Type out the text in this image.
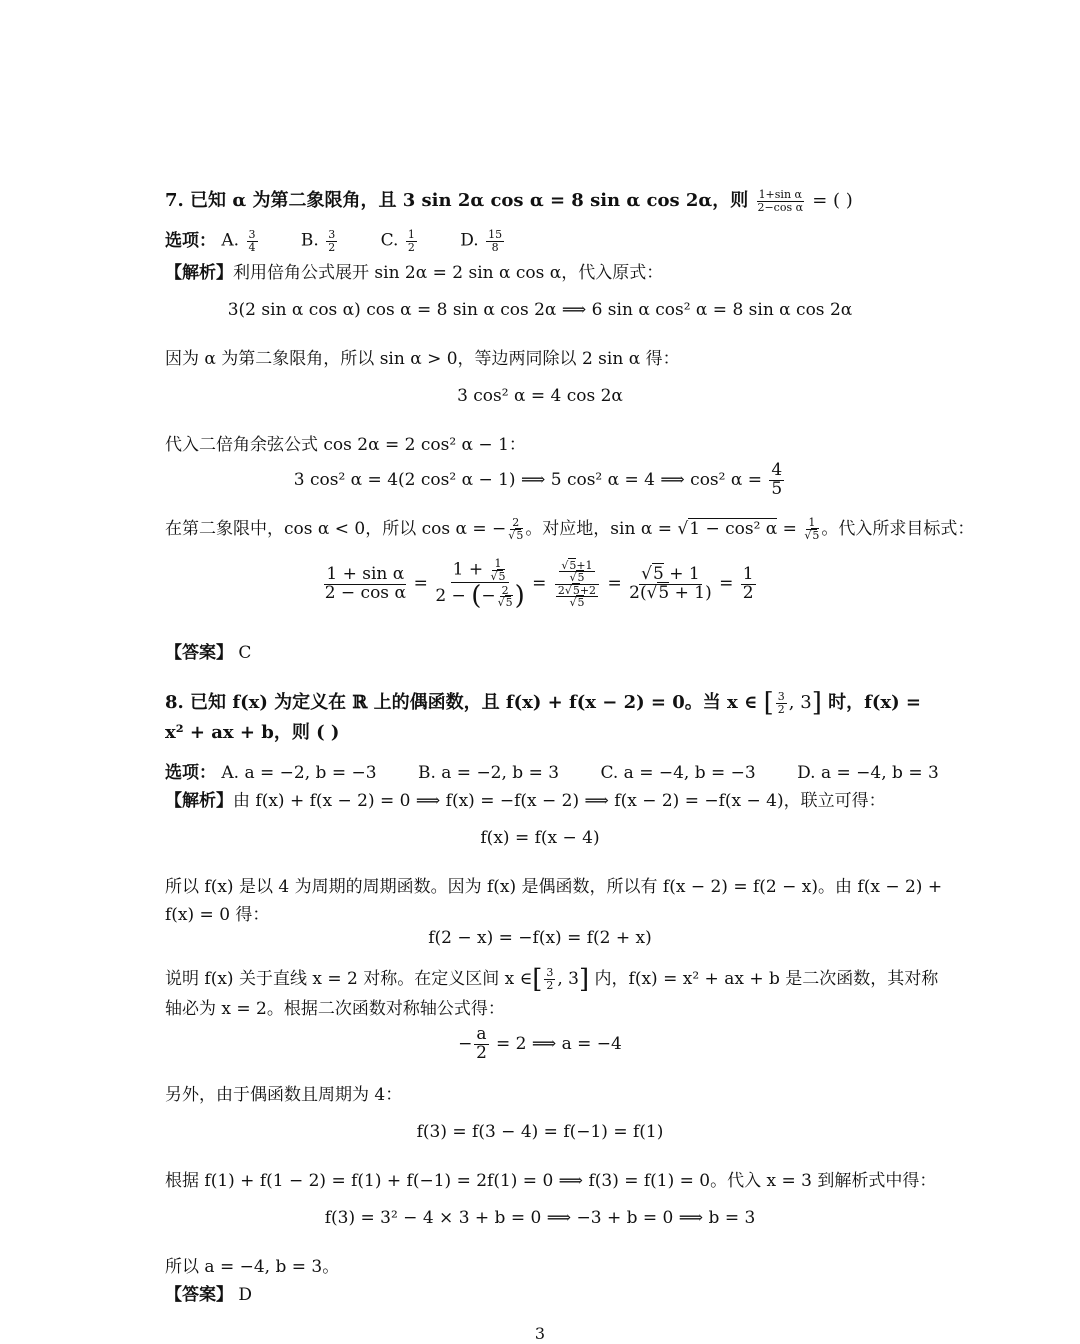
7. 已知 α 为第二象限角，且 3 sin 2α cos α = 8 sin α cos 2α，则 $\frac{\text{1+sin α}}{\text{2−cos α}}$ = ( )
选项： A. $\frac{3}{4}$	B. $\frac{3}{2}$	C. $\frac{1}{2}$	D. $\frac{15}{8}$
【解析】利用倍角公式展开 sin 2α = 2 sin α cos α，代入原式：
3(2 sin α cos α) cos α = 8 sin α cos 2α ⟹ 6 sin α cos² α = 8 sin α cos 2α
因为 α 为第二象限角，所以 sin α > 0，等边两同除以 2 sin α 得：
3 cos² α = 4 cos 2α
代入二倍角余弦公式 cos 2α = 2 cos² α − 1：
3 cos² α = 4(2 cos² α − 1) ⟹ 5 cos² α = 4 ⟹ cos² $\alpha = \frac{4}{5}$
在第二象限中，cos α < 0，所以 cos α = − $\frac{2}{√5}$ 。对应地，sin α = √1 − cos² $\alpha = \frac{1}{√5}$ 。代入所求目标式：
$\frac{\text{1 + sin α}}{\text{2 − cos α}} = \frac{1 + \frac{1}{√5}}{2 - (- \frac{2}{√5} )} = \frac{\frac{√5+1}{√5}}{\frac{2√5+2}{√5}} = \frac{√5 + 1}{2(√5 + 1)} = \frac{1}{2}$
【答案】 C
8. 已知 f(x) 为定义在 ℝ 上的偶函数，且 f(x) + f(x − 2) = 0。当 x ∈ [ $\frac{3}{2}$ , 3] 时，f(x) =
x² + ax + b，则 ( )
选项： A. a = −2, b = −3 B. a = −2, b = 3 C. a = −4, b = −3 D. a = −4, b = 3
【解析】由 f(x) + f(x − 2) = 0 ⟹ f(x) = −f(x − 2) ⟹ f(x − 2) = −f(x − 4)，联立可得：
f(x) = f(x − 4)
所以 f(x) 是以 4 为周期的周期函数。因为 f(x) 是偶函数，所以有 f(x − 2) = f(2 − x)。由 f(x − 2) +
f(x) = 0 得：
f(2 − x) = −f(x) = f(2 + x)
说明 f(x) 关于直线 x = 2 对称。在定义区间 x ∈[ $\frac{3}{2}$ , 3] 内，f(x) = x² + ax + b 是二次函数，其对称
轴必为 x = 2。根据二次函数对称轴公式得：
− $\frac{a}{2} = 2$ ⟹ a = −4
另外，由于偶函数且周期为 4：
f(3) = f(3 − 4) = f(−1) = f(1)
根据 f(1) + f(1 − 2) = f(1) + f(−1) = 2f(1) = 0 ⟹ f(3) = f(1) = 0。代入 x = 3 到解析式中得：
f(3) = 3² − 4 × 3 + b = 0 ⟹ −3 + b = 0 ⟹ b = 3
所以 a = −4, b = 3。
【答案】 D
3
